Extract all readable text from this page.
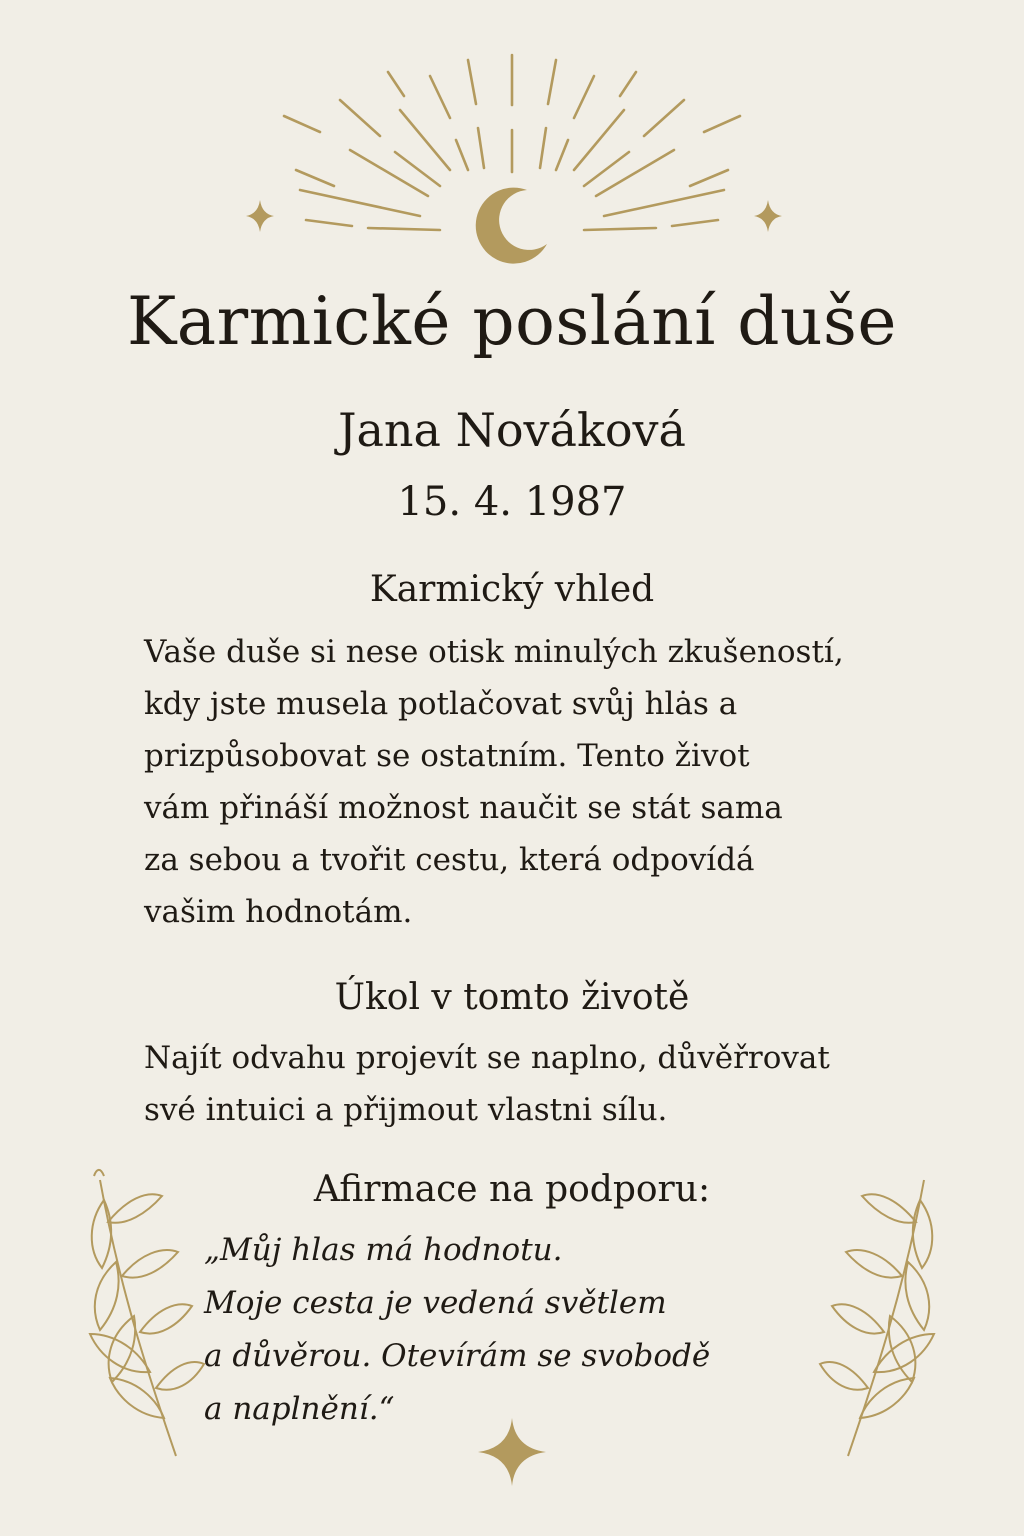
Karmické poslání duše
Jana Nováková
15. 4. 1987
Karmický vhled
Vaše duše si nese otisk minulých zkušeností,
kdy jste musela potlačovat svůj hlȧs a
prizpůsobovat se ostatním. Tento život
vám přináší možnost naučit se stát sama
za sebou a tvořit cestu, která odpovídá
vašim hodnotám.
Úkol v tomto životě
Najít odvahu projevít se naplno, důvěřrovat
své intuici a přijmout vlastni sílu.
Afirmace na podporu:
„Můj hlas má hodnotu.
Moje cesta je vedená světlem
a důvěrou. Otevírám se svobodě
a naplnění.“
